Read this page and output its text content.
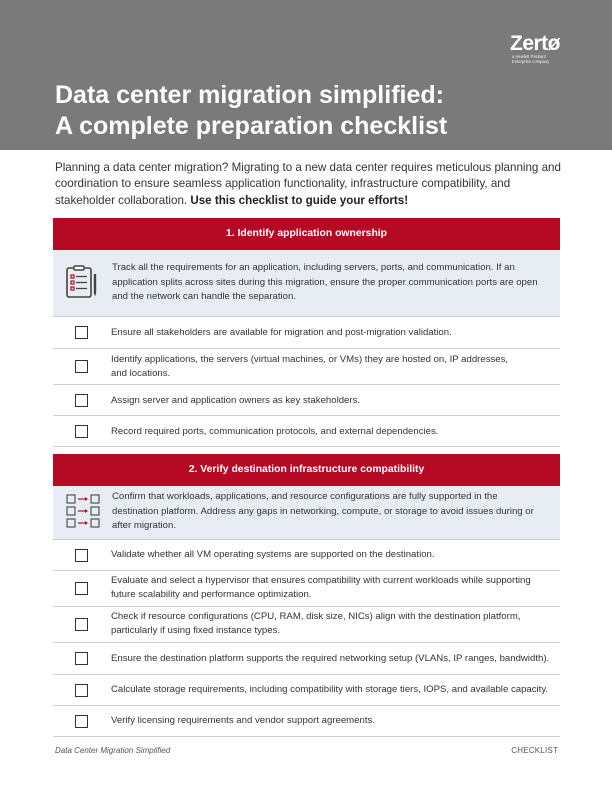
Zertø
a Hewlett Packard
Enterprise company
Data center migration simplified:
A complete preparation checklist

Planning a data center migration? Migrating to a new data center requires meticulous planning and coordination to ensure seamless application functionality, infrastructure compatibility, and stakeholder collaboration. Use this checklist to guide your efforts!

1. Identify application ownership

Track all the requirements for an application, including servers, ports, and communication. If an application splits across sites during this migration, ensure the proper communication ports are open and the network can handle the separation.

Ensure all stakeholders are available for migration and post-migration validation.
Identify applications, the servers (virtual machines, or VMs) they are hosted on, IP addresses, and locations.
Assign server and application owners as key stakeholders.
Record required ports, communication protocols, and external dependencies.
2. Verify destination infrastructure compatibility

Confirm that workloads, applications, and resource configurations are fully supported in the destination platform. Address any gaps in networking, compute, or storage to avoid issues during or after migration.

Validate whether all VM operating systems are supported on the destination.
Evaluate and select a hypervisor that ensures compatibility with current workloads while supporting future scalability and performance optimization.
Check if resource configurations (CPU, RAM, disk size, NICs) align with the destination platform, particularly if using fixed instance types.
Ensure the destination platform supports the required networking setup (VLANs, IP ranges, bandwidth).
Calculate storage requirements, including compatibility with storage tiers, IOPS, and available capacity.
Verify licensing requirements and vendor support agreements.
Data Center Migration Simplified	CHECKLIST
